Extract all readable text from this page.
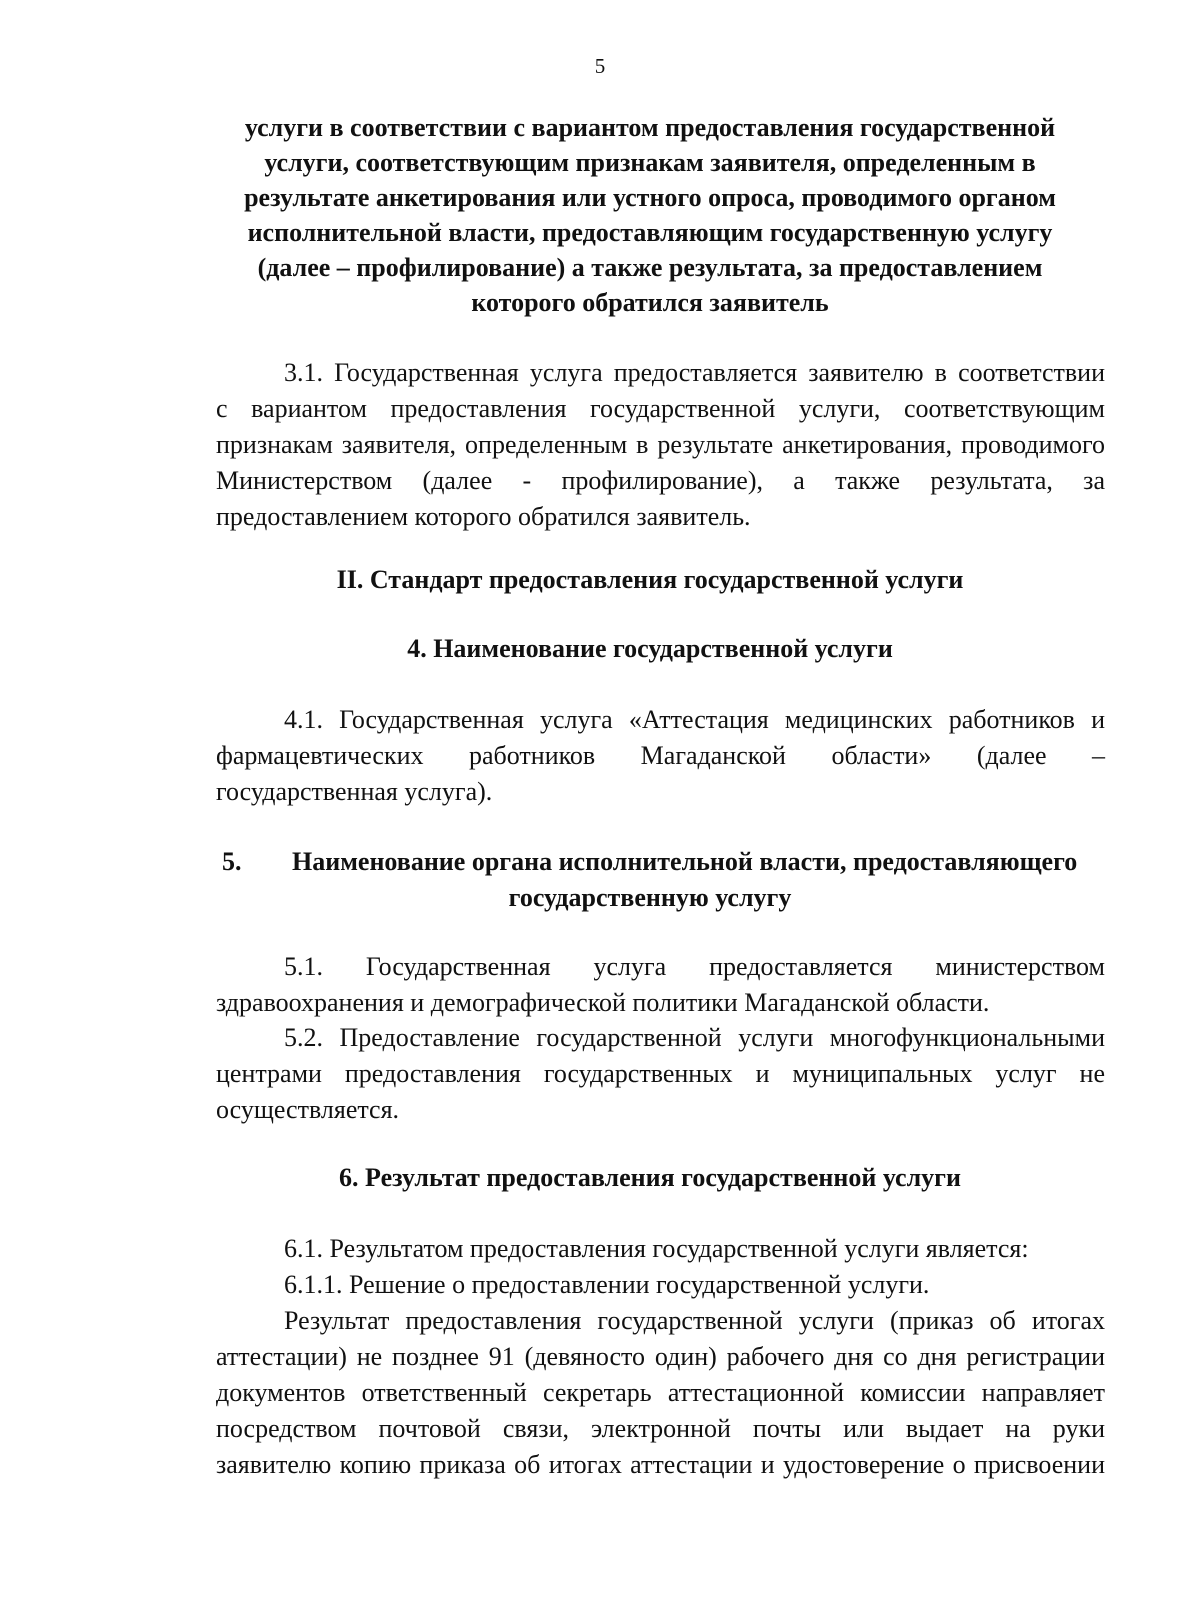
5
услуги в соответствии с вариантом предоставления государственной
услуги, соответствующим признакам заявителя, определенным в
результате анкетирования или устного опроса, проводимого органом
исполнительной власти, предоставляющим государственную услугу
(далее – профилирование) а также результата, за предоставлением
которого обратился заявитель
3.1. Государственная услуга предоставляется заявителю в соответствии
с вариантом предоставления государственной услуги, соответствующим
признакам заявителя, определенным в результате анкетирования, проводимого
Министерством (далее - профилирование), а также результата, за
предоставлением которого обратился заявитель.
II. Стандарт предоставления государственной услуги
4. Наименование государственной услуги
4.1. Государственная услуга «Аттестация медицинских работников и
фармацевтических работников Магаданской области» (далее –
государственная услуга).
5. Наименование органа исполнительной власти, предоставляющего
государственную услугу
5.1. Государственная услуга предоставляется министерством
здравоохранения и демографической политики Магаданской области.
5.2. Предоставление государственной услуги многофункциональными
центрами предоставления государственных и муниципальных услуг не
осуществляется.
6. Результат предоставления государственной услуги
6.1. Результатом предоставления государственной услуги является:
6.1.1. Решение о предоставлении государственной услуги.
Результат предоставления государственной услуги (приказ об итогах
аттестации) не позднее 91 (девяносто один) рабочего дня со дня регистрации
документов ответственный секретарь аттестационной комиссии направляет
посредством почтовой связи, электронной почты или выдает на руки
заявителю копию приказа об итогах аттестации и удостоверение о присвоении
